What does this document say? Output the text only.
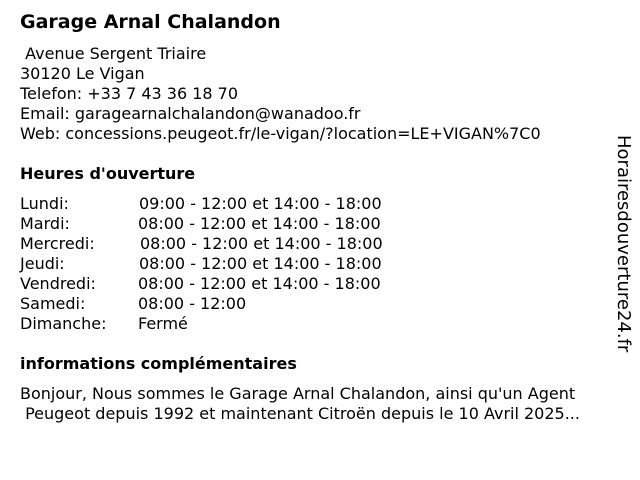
Garage Arnal Chalandon
Avenue Sergent Triaire
30120 Le Vigan
Telefon: +33 7 43 36 18 70
Email: garagearnalchalandon@wanadoo.fr
Web: concessions.peugeot.fr/le-vigan/?location=LE+VIGAN%7C0
Heures d'ouverture
Lundi:	09:00 - 12:00 et 14:00 - 18:00
Mardi:	08:00 - 12:00 et 14:00 - 18:00
Mercredi:	08:00 - 12:00 et 14:00 - 18:00
Jeudi:	08:00 - 12:00 et 14:00 - 18:00
Vendredi:	08:00 - 12:00 et 14:00 - 18:00
Samedi:	08:00 - 12:00
Dimanche: Fermé
informations complémentaires
Bonjour, Nous sommes le Garage Arnal Chalandon, ainsi qu'un Agent
Peugeot depuis 1992 et maintenant Citroën depuis le 10 Avril 2025...
Horairesdouverture24.fr
